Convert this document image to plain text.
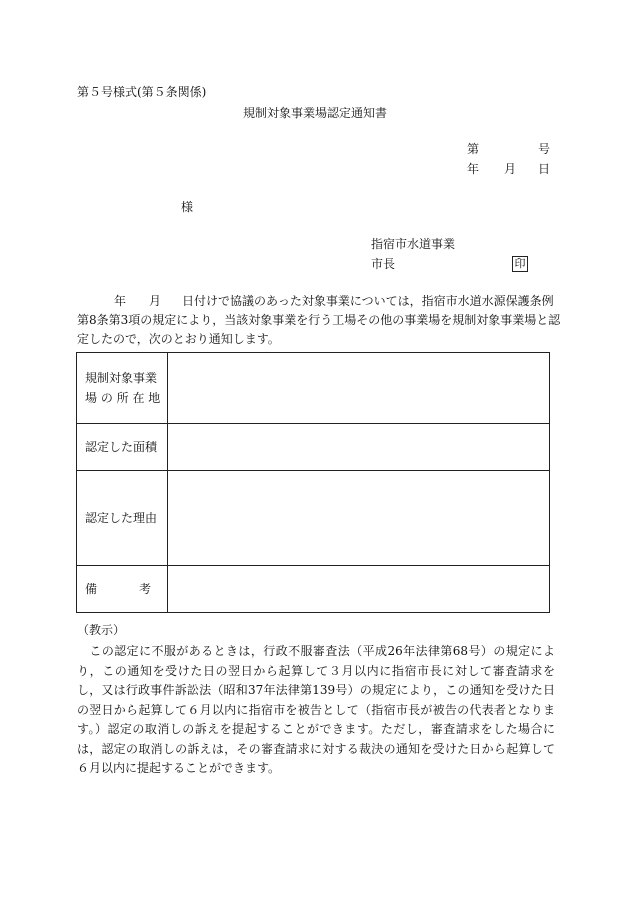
第５号様式(第５条関係)
規制対象事業場認定通知書
第	号
年 月 日
様
指宿市水道事業
市長	印
年 月 日付けで協議のあった対象事業については，指宿市水道水源保護条例
第8条第3項の規定により，当該対象事業を行う工場その他の事業場を規制対象事業場と認
定したので，次のとおり通知します。
規制対象事業
場 の 所 在 地	

認定した面積	
認定した理由	

備 考	

（教示）

　この認定に不服があるときは，行政不服審査法（平成26年法律第68号）の規定により，この通知を受けた日の翌日から起算して３月以内に指宿市長に対して審査請求をし，又は行政事件訴訟法（昭和37年法律第139号）の規定により，この通知を受けた日の翌日から起算して６月以内に指宿市を被告として（指宿市長が被告の代表者となります。）認定の取消しの訴えを提起することができます。ただし，審査請求をした場合には，認定の取消しの訴えは，その審査請求に対する裁決の通知を受けた日から起算して６月以内に提起することができます。
